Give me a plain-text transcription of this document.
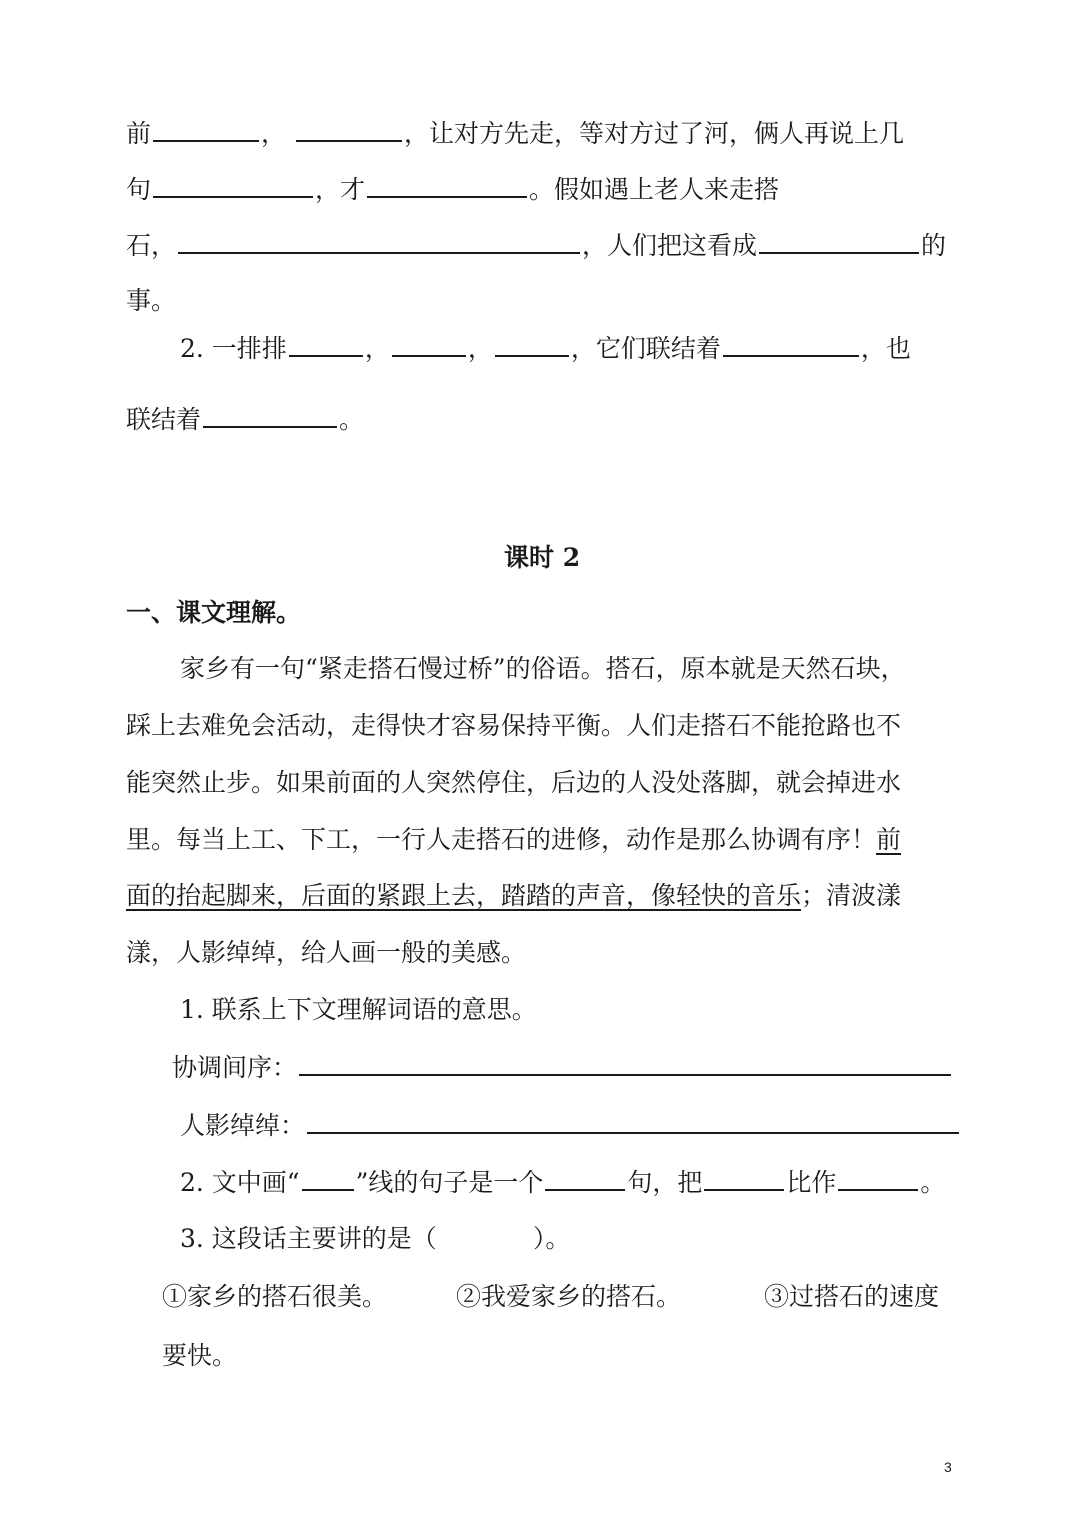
前	，	，让对方先走，等对方过了河，俩人再说上几
句	，才	。假如遇上老人来走搭
石，	，人们把这看成	的
事。
2. 一排排	，	，	，它们联结着	，也
联结着	。
课时 2
一、课文理解。
家乡有一句“紧走搭石慢过桥”的俗语。搭石，原本就是天然石块，
踩上去难免会活动，走得快才容易保持平衡。人们走搭石不能抢路也不
能突然止步。如果前面的人突然停住，后边的人没处落脚，就会掉进水
里。每当上工、下工，一行人走搭石的进修，动作是那么协调有序！前
面的抬起脚来，后面的紧跟上去，踏踏的声音，像轻快的音乐；清波漾
漾，人影绰绰，给人画一般的美感。
1. 联系上下文理解词语的意思。
协调间序：
人影绰绰：
2. 文中画“ ”线的句子是一个	句，把	比作	。
3. 这段话主要讲的是（	）。
①家乡的搭石很美。	②我爱家乡的搭石。	③过搭石的速度
要快。
3
